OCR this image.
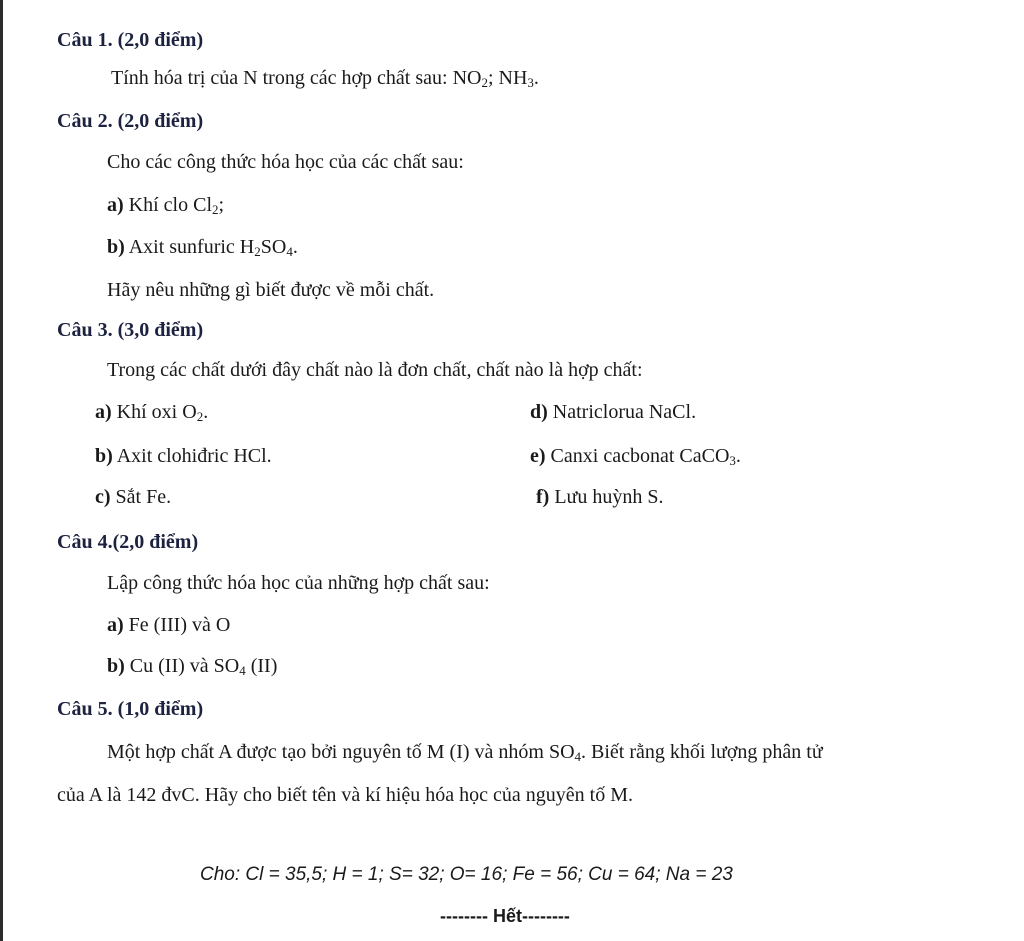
Câu 1. (2,0 điểm)
Tính hóa trị của N trong các hợp chất sau: $NO_2$; $NH_3$.
Câu 2. (2,0 điểm)
Cho các công thức hóa học của các chất sau:
a) Khí clo $Cl_2$;
b) Axit sunfuric $H_2SO_4$.
Hãy nêu những gì biết được về mỗi chất.
Câu 3. (3,0 điểm)
Trong các chất dưới đây chất nào là đơn chất, chất nào là hợp chất:
a) Khí oxi $O_2$.	d) Natriclorua NaCl.
b) Axit clohiđric HCl.	e) Canxi cacbonat CaCO$_3$.
c) Sắt Fe.	f) Lưu huỳnh S.
Câu 4.(2,0 điểm)
Lập công thức hóa học của những hợp chất sau:
a) Fe (III) và O
b) Cu (II) và $SO_4$ (II)
Câu 5. (1,0 điểm)
Một hợp chất A được tạo bởi nguyên tố M (I) và nhóm $SO_4$. Biết rằng khối lượng phân tử
của A là 142 đvC. Hãy cho biết tên và kí hiệu hóa học của nguyên tố M.
Cho: Cl = 35,5; H = 1; S= 32; O= 16; Fe = 56; Cu = 64; Na = 23
-------- Hết--------
